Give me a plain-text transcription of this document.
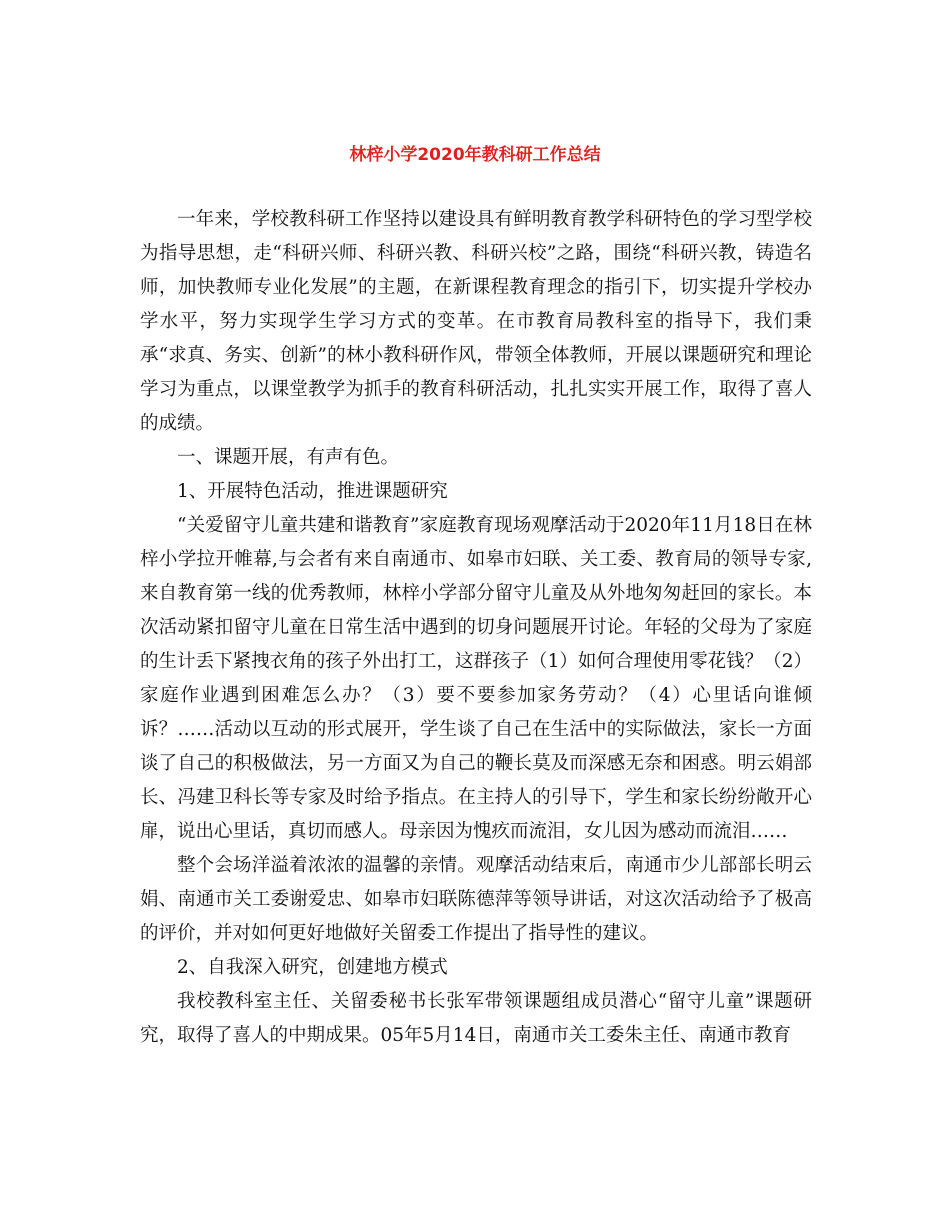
林梓小学2020年教科研工作总结

一年来，学校教科研工作坚持以建设具有鲜明教育教学科研特色的学习型学校为指导思想，走“科研兴师、科研兴教、科研兴校”之路，围绕“科研兴教，铸造名师，加快教师专业化发展”的主题，在新课程教育理念的指引下，切实提升学校办学水平，努力实现学生学习方式的变革。在市教育局教科室的指导下，我们秉承“求真、务实、创新”的林小教科研作风，带领全体教师，开展以课题研究和理论学习为重点，以课堂教学为抓手的教育科研活动，扎扎实实开展工作，取得了喜人的成绩。

一、课题开展，有声有色。

1、开展特色活动，推进课题研究

“关爱留守儿童共建和谐教育”家庭教育现场观摩活动于2020年11月18日在林梓小学拉开帷幕,与会者有来自南通市、如皋市妇联、关工委、教育局的领导专家,来自教育第一线的优秀教师，林梓小学部分留守儿童及从外地匆匆赶回的家长。本次活动紧扣留守儿童在日常生活中遇到的切身问题展开讨论。年轻的父母为了家庭的生计丢下紧拽衣角的孩子外出打工，这群孩子（1）如何合理使用零花钱？（2）家庭作业遇到困难怎么办？（3）要不要参加家务劳动？（4）心里话向谁倾诉？……活动以互动的形式展开，学生谈了自己在生活中的实际做法，家长一方面谈了自己的积极做法，另一方面又为自己的鞭长莫及而深感无奈和困惑。明云娟部长、冯建卫科长等专家及时给予指点。在主持人的引导下，学生和家长纷纷敞开心扉，说出心里话，真切而感人。母亲因为愧疚而流泪，女儿因为感动而流泪……

整个会场洋溢着浓浓的温馨的亲情。观摩活动结束后，南通市少儿部部长明云娟、南通市关工委谢爱忠、如皋市妇联陈德萍等领导讲话，对这次活动给予了极高的评价，并对如何更好地做好关留委工作提出了指导性的建议。

2、自我深入研究，创建地方模式

我校教科室主任、关留委秘书长张军带领课题组成员潜心“留守儿童”课题研究，取得了喜人的中期成果。05年5月14日，南通市关工委朱主任、南通市教育
